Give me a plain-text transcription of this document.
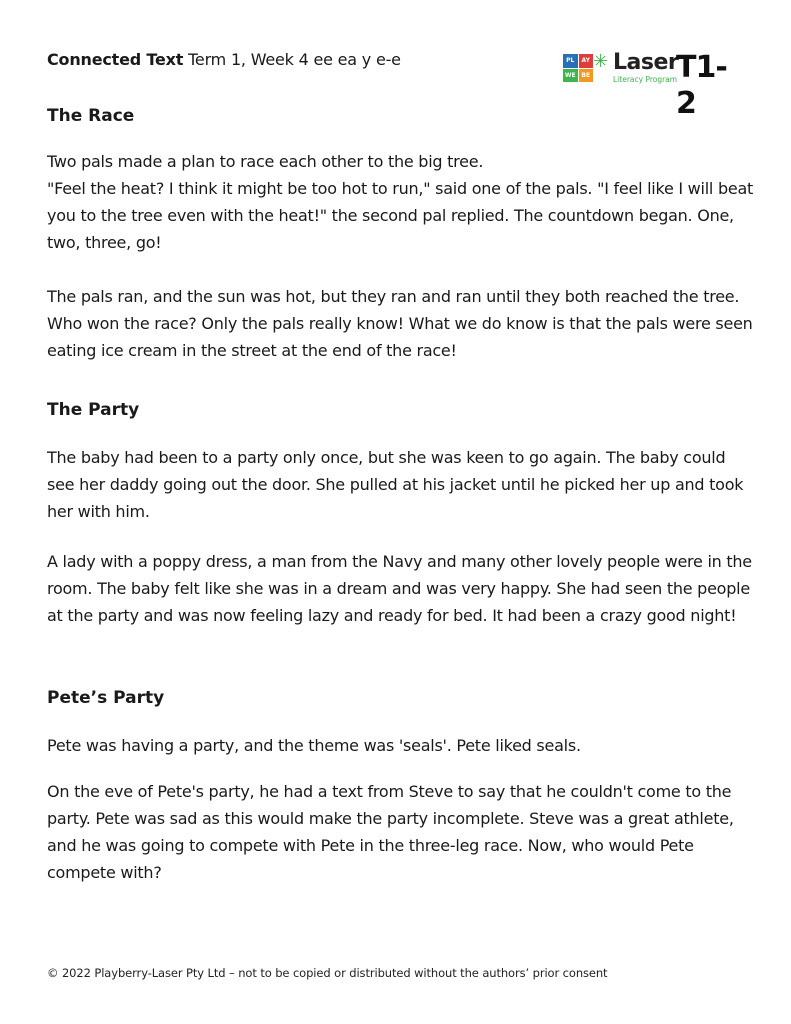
Connected Text Term 1, Week 4 ee ea y e-e	PL	AY
WE BE
✳ Laser
Literacy Program
T1-2
The Race

Two pals made a plan to race each other to the big tree.
"Feel the heat? I think it might be too hot to run," said one of the pals. "I feel like I will beat you to the tree even with the heat!" the second pal replied. The countdown began. One, two, three, go!

The pals ran, and the sun was hot, but they ran and ran until they both reached the tree. Who won the race? Only the pals really know! What we do know is that the pals were seen eating ice cream in the street at the end of the race!

The Party

The baby had been to a party only once, but she was keen to go again. The baby could see her daddy going out the door. She pulled at his jacket until he picked her up and took her with him.

A lady with a poppy dress, a man from the Navy and many other lovely people were in the room. The baby felt like she was in a dream and was very happy. She had seen the people at the party and was now feeling lazy and ready for bed. It had been a crazy good night!

Pete’s Party

Pete was having a party, and the theme was 'seals'. Pete liked seals.

On the eve of Pete's party, he had a text from Steve to say that he couldn't come to the party. Pete was sad as this would make the party incomplete. Steve was a great athlete, and he was going to compete with Pete in the three-leg race. Now, who would Pete compete with?

© 2022 Playberry-Laser Pty Ltd – not to be copied or distributed without the authors’ prior consent
